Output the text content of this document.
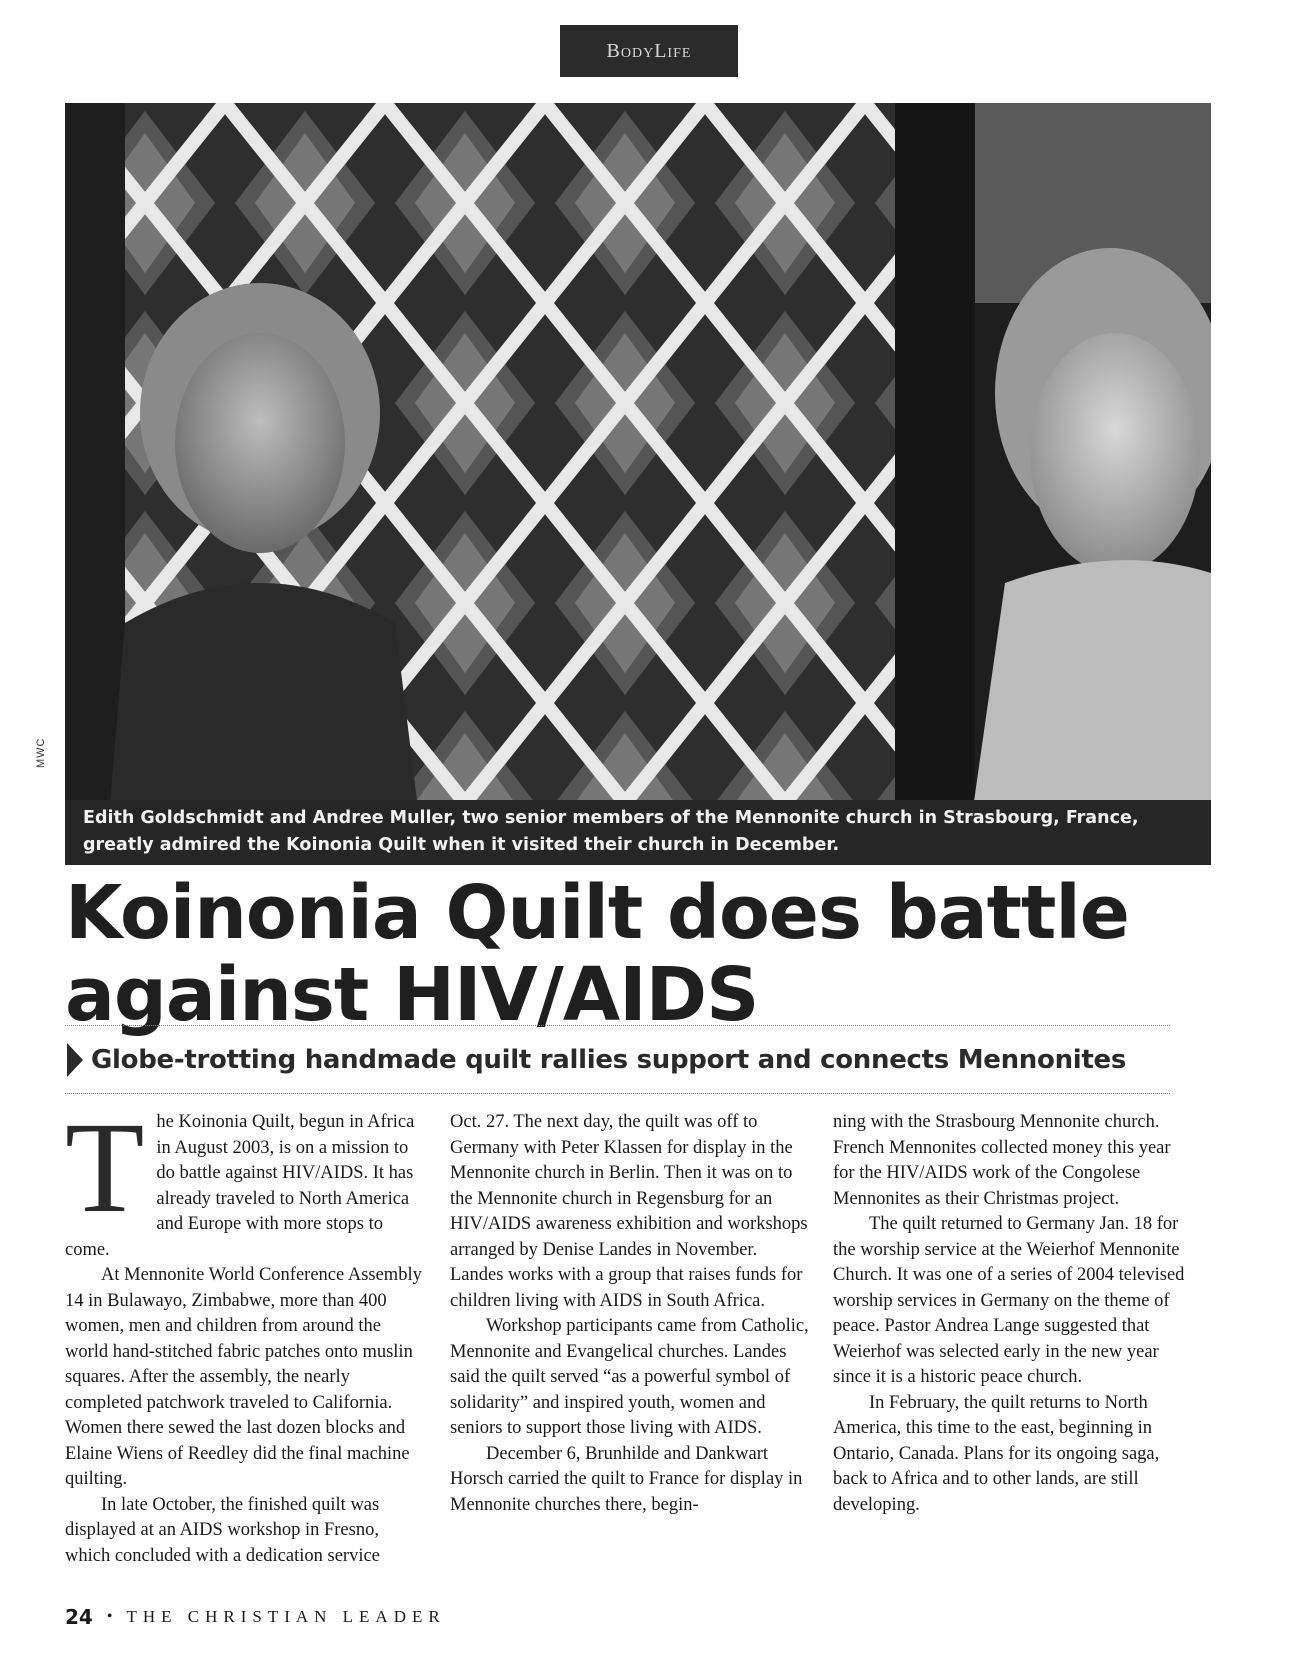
BodyLife
MWC
Edith Goldschmidt and Andree Muller, two senior members of the Mennonite church in Strasbourg, France, greatly admired the Koinonia Quilt when it visited their church in December.
Koinonia Quilt does battle
against HIV/AIDS
Globe-trotting handmade quilt rallies support and connects Mennonites

The Koinonia Quilt, begun in Africa in August 2003, is on a mission to do battle against HIV/AIDS. It has already traveled to North America and Europe with more stops to come.

At Mennonite World Conference Assembly 14 in Bulawayo, Zimbabwe, more than 400 women, men and children from around the world hand-stitched fabric patches onto muslin squares. After the assembly, the nearly completed patchwork traveled to California. Women there sewed the last dozen blocks and Elaine Wiens of Reedley did the final machine quilting.

In late October, the finished quilt was displayed at an AIDS workshop in Fresno, which concluded with a dedication service

Oct. 27. The next day, the quilt was off to Germany with Peter Klassen for display in the Mennonite church in Berlin. Then it was on to the Mennonite church in Regensburg for an HIV/AIDS awareness exhibition and workshops arranged by Denise Landes in November. Landes works with a group that raises funds for children living with AIDS in South Africa.

Workshop participants came from Catholic, Mennonite and Evangelical churches. Landes said the quilt served “as a powerful symbol of solidarity” and inspired youth, women and seniors to support those living with AIDS.

December 6, Brunhilde and Dankwart Horsch carried the quilt to France for display in Mennonite churches there, begin-

ning with the Strasbourg Mennonite church. French Mennonites collected money this year for the HIV/AIDS work of the Congolese Mennonites as their Christmas project.

The quilt returned to Germany Jan. 18 for the worship service at the Weierhof Mennonite Church. It was one of a series of 2004 televised worship services in Germany on the theme of peace. Pastor Andrea Lange suggested that Weierhof was selected early in the new year since it is a historic peace church.

In February, the quilt returns to North America, this time to the east, beginning in Ontario, Canada. Plans for its ongoing saga, back to Africa and to other lands, are still developing.

24 • THE CHRISTIAN LEADER
